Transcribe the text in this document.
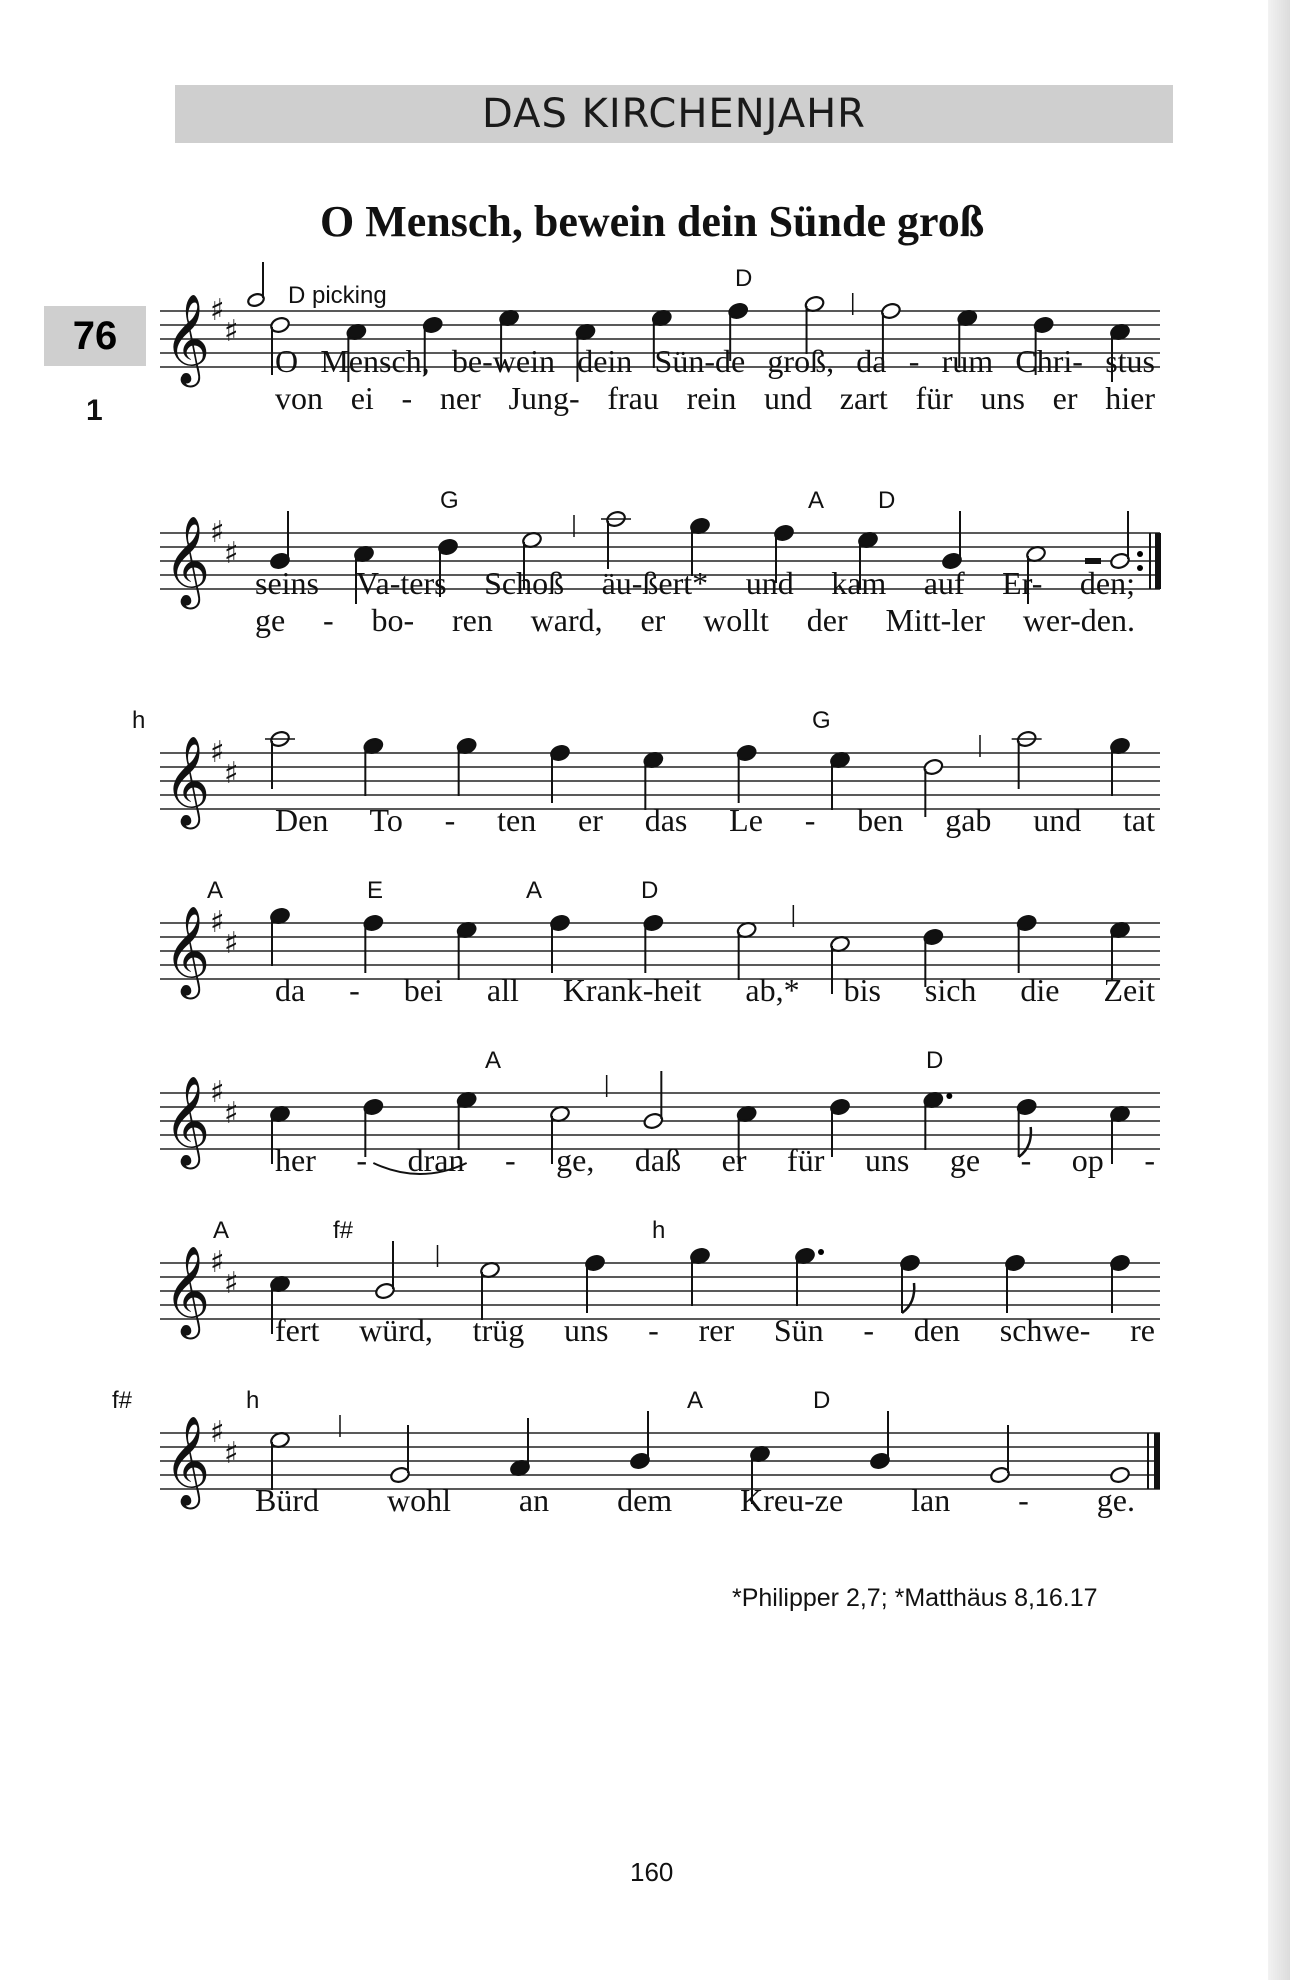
DAS KIRCHENJAHR
76
1
O Mensch, bewein dein Sünde groß
D picking
𝄞 ♯
♯
D
O Mensch, be-wein dein Sün-de groß, da - rum Chri- stus
von ei - ner Jung- frau rein und zart für uns er hier
𝄞 ♯
♯
G	A D
seins Va-ters Schoß äu-ßert* und kam auf Er- den;
ge - bo- ren ward, er wollt der Mitt-ler wer-den.
𝄞 ♯
♯
h	G
Den To - ten er das Le - ben gab und tat
𝄞 ♯
♯
A	E	A	D
da - bei all Krank-heit ab,* bis sich die Zeit
𝄞 ♯
♯
A	D
her - dran - ge, daß er für uns ge - op -
𝄞 ♯
♯
A	f#	h
fert würd, trüg uns - rer Sün - den schwe- re
𝄞 ♯
♯
f#	h	A	D
Bürd wohl an dem Kreu-ze lan - ge.
*Philipper 2,7; *Matthäus 8,16.17
160
